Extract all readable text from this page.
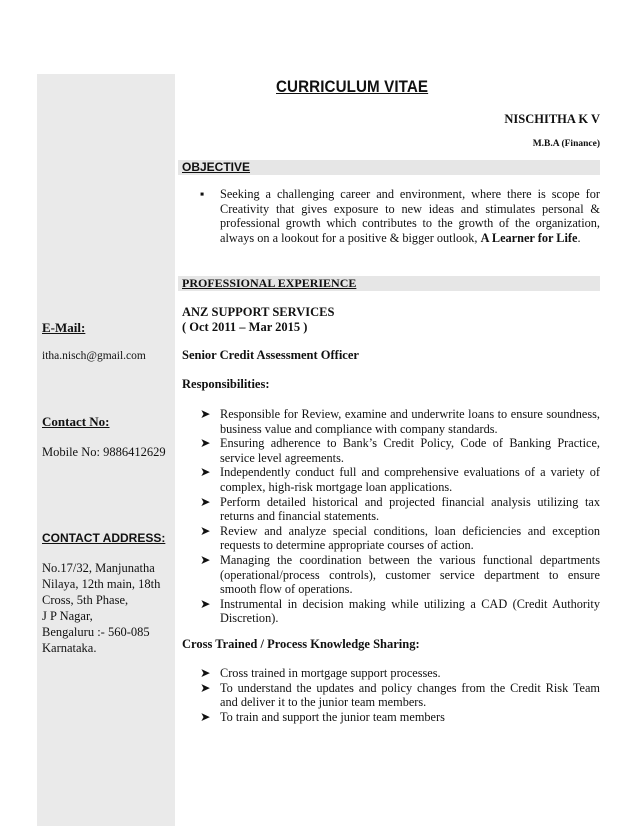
CURRICULUM VITAE
NISCHITHA K V
M.B.A (Finance)
E-Mail:
itha.nisch@gmail.com
Contact No:
Mobile No: 9886412629
CONTACT ADDRESS:
No.17/32, Manjunatha
Nilaya, 12th main, 18th
Cross, 5th Phase,
J P Nagar,
Bengaluru :- 560-085
Karnataka.
OBJECTIVE
▪ Seeking a challenging career and environment, where there is scope for Creativity that gives exposure to new ideas and stimulates personal & professional growth which contributes to the growth of the organization, always on a lookout for a positive & bigger outlook, A Learner for Life.
PROFESSIONAL EXPERIENCE
ANZ SUPPORT SERVICES
( Oct 2011 – Mar 2015 )
Senior Credit Assessment Officer
Responsibilities:
➤ Responsible for Review, examine and underwrite loans to ensure soundness, business value and compliance with company standards.
➤ Ensuring adherence to Bank’s Credit Policy, Code of Banking Practice, service level agreements.
➤ Independently conduct full and comprehensive evaluations of a variety of complex, high-risk mortgage loan applications.
➤ Perform detailed historical and projected financial analysis utilizing tax returns and financial statements.
➤ Review and analyze special conditions, loan deficiencies and exception requests to determine appropriate courses of action.
➤ Managing the coordination between the various functional departments (operational/process controls), customer service department to ensure smooth flow of operations.
➤ Instrumental in decision making while utilizing a CAD (Credit Authority Discretion).
Cross Trained / Process Knowledge Sharing:
➤ Cross trained in mortgage support processes.
➤ To understand the updates and policy changes from the Credit Risk Team and deliver it to the junior team members.
➤ To train and support the junior team members
